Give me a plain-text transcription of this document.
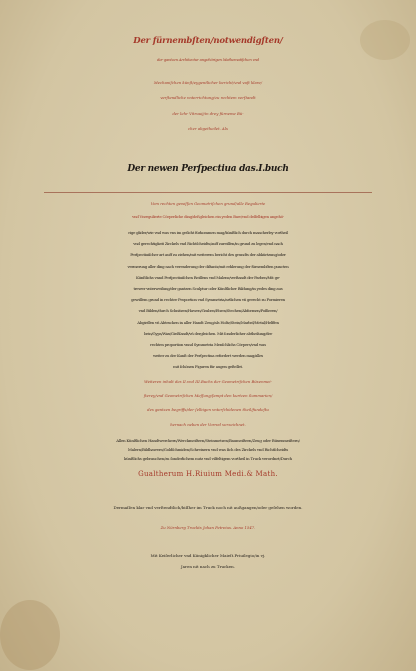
Der fürnembſten/notwendigſten/
der gantzen Architectur angehörigen Mathematiſchen vnd
Mechaniſchen künſt/eygentlicher bericht/vnd vaſt klare/
verſtendliche vnterrichtung/zu rechtem verſtandt
der lehr Vitruuij/in drey fürneme Bü-
cher abgetheilet. Als
Der newen Perſpectiua das.I.buch
Vom rechten gewiſſen Geometriſchen grund/alle Regulierte
vnd Vnregulierte Cörperliche ding/deßgleichen ein yeden Baw/vnd deſſelbigen angehö-
rige glider/wie vnd was vns im geſicht fürkommen mag/künſtlich durch mancherley vortheil
vnd gerechtigkeit Zirckels vnd Richtſcheidts/auff zureiſſen/in grund zu legen/vnd nach
Perſpectiuiſcher art auff zu ziehen/mit weiterem bericht des grundts der abkürtzung/oder
vermerung aller ding nach verenderung der diſtantz/mit erklerung der fürnembſten puncten
Künſtlichs vnnd Perſpectiuiſchen Reiſſens vnd Malens/verſtandt der Farben/Mit ge-
trewer vnterweiſung/der gantzen Sculptur oder Künſtlicher Bildung/in yedes ding aus
gewiſſem grund in rechter Proportion vnd Symmetria/artlichen vñ gerecht zu Formieren
vnd Bilden/durch Schnitzen/Hawen/Graben/Etzen/Stechen/Abformen/Poſſieren/
Abgieſſen vñ Abtrucken in aller Handt Zeug/als Holtz/Stein/Marbel/Metal/Helffen
bein/Gyps/Wax/Gießſandt/vñ dergleichen. Mit ſonderlicher abtheilung/der
rechten proportion vnnd Symmetria Menſchlichs Cörpers/vnd was
weiter zu der Kunſt der Perſpectiua erfordert werden mag/alles
mit ſchönen Figuren für augen geſtellet.
Weiteren inhalt des II.vnd III.Buchs der Geometriſchen Büxenmei-
ſterey/vnd Geometriſchen Meſſung/ſampt den kurtzen Summarien/
des gantzen begriffs/der ſelbigen vnterſchidenen theil/fundeſtu
hernach neben der Vorred verzeichnet.
Allen Künſtlichen Handtwerckern/Werckmeiſtern/Steinmetzen/Baumeiſtern/Zeug oder Büxenmeiſtern/
Malern/Bildhawern/Goldſchmiden/Schreinern vnd was ſich des Zirckels vnd Richtſcheidts
künſtlichs gebrauchen/zu ſonderlichem nutz vnd vilfeltigem vortheil in Truck verordnet/Durch
Gualtherum H.Riuium Medi.& Math.
Dermaſſen klar vnd verſtendtlich/biſſher im Truck noch nit außgangen/oder geſehen worden.
Zu Nürnberg Truckts Johan Petreius. Anno 1547.
Mit Keiſerlicher vnd Künigklicher Maieſt.Priuilegio/in vj.
Jaren nit nach zu Trucken.
